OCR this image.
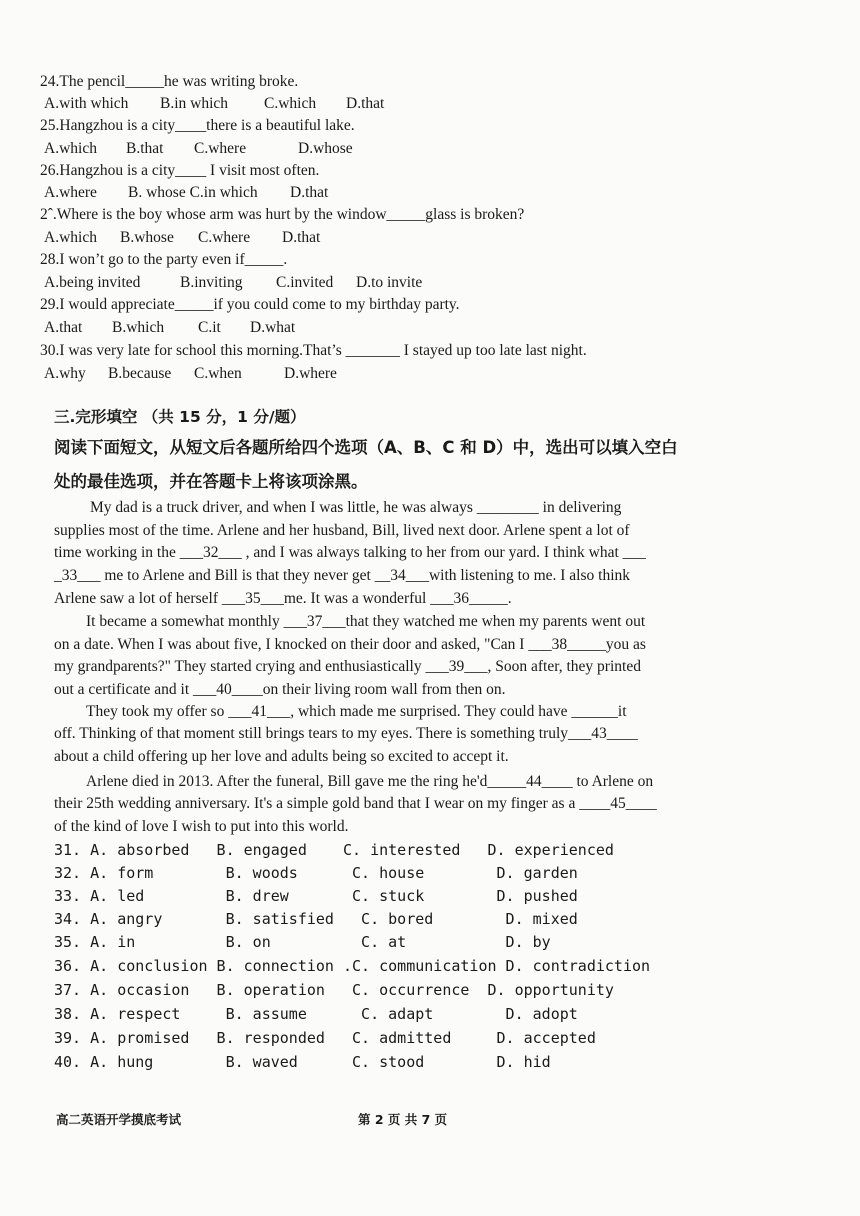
24.The pencil_____he was writing broke.
A.with which B.in which C.which D.that
25.Hangzhou is a city____there is a beautiful lake.
A.which B.that C.where	D.whose
26.Hangzhou is a city____ I visit most often.
A.where B. whose C.in which D.that
2ˆ.Where is the boy whose arm was hurt by the window_____glass is broken?
A.which B.whose C.where D.that
28.I won’t go to the party even if_____.
A.being invited	B.inviting C.invited D.to invite
29.I would appreciate_____if you could come to my birthday party.
A.that B.which C.it D.what
30.I was very late for school this morning.That’s _______ I stayed up too late last night.
A.why B.because C.when	D.where
三.完形填空 （共 15 分，1 分/题）
阅读下面短文，从短文后各题所给四个选项（A、B、C 和 D）中，选出可以填入空白
处的最佳选项，并在答题卡上将该项涂黑。
My dad is a truck driver, and when I was little, he was always ________ in delivering
supplies most of the time. Arlene and her husband, Bill, lived next door. Arlene spent a lot of
time working in the ___32___ , and I was always talking to her from our yard. I think what ___
_33___ me to Arlene and Bill is that they never get __34___with listening to me. I also think
Arlene saw a lot of herself ___35___me. It was a wonderful ___36_____.
It became a somewhat monthly ___37___that they watched me when my parents went out
on a date. When I was about five, I knocked on their door and asked, "Can I ___38_____you as
my grandparents?" They started crying and enthusiastically ___39___, Soon after, they printed
out a certificate and it ___40____on their living room wall from then on.
They took my offer so ___41___, which made me surprised. They could have ______it
off. Thinking of that moment still brings tears to my eyes. There is something truly___43____
about a child offering up her love and adults being so excited to accept it.
Arlene died in 2013. After the funeral, Bill gave me the ring he'd_____44____ to Arlene on
their 25th wedding anniversary. It's a simple gold band that I wear on my finger as a ____45____
of the kind of love I wish to put into this world.
31. A. absorbed   B. engaged    C. interested   D. experienced
32. A. form        B. woods      C. house        D. garden
33. A. led         B. drew       C. stuck        D. pushed
34. A. angry       B. satisfied   C. bored        D. mixed
35. A. in          B. on          C. at           D. by
36. A. conclusion B. connection .C. communication D. contradiction
37. A. occasion   B. operation   C. occurrence  D. opportunity
38. A. respect     B. assume      C. adapt        D. adopt
39. A. promised   B. responded   C. admitted     D. accepted
40. A. hung        B. waved      C. stood        D. hid
高二英语开学摸底考试	第 2 页 共 7 页
